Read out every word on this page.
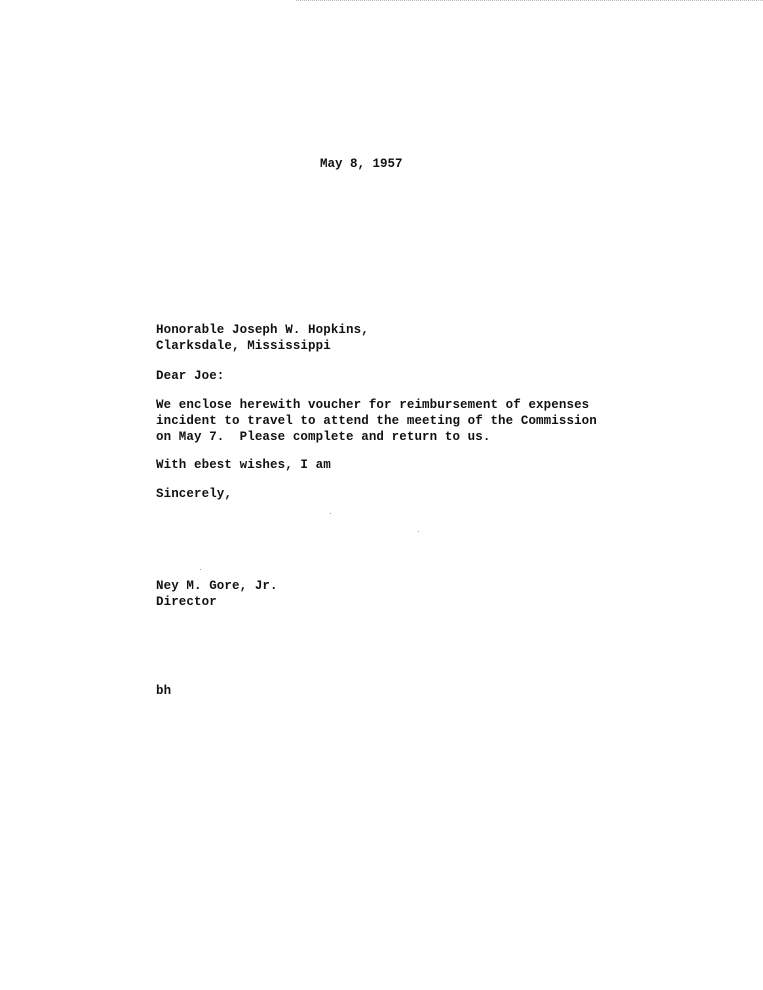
May 8, 1957

Honorable Joseph W. Hopkins,

Clarksdale, Mississippi

Dear Joe:

We enclose herewith voucher for reimbursement of expenses

incident to travel to attend the meeting of the Commission

on May 7.  Please complete and return to us.

With ebest wishes, I am

Sincerely,

Ney M. Gore, Jr.

Director

bh
